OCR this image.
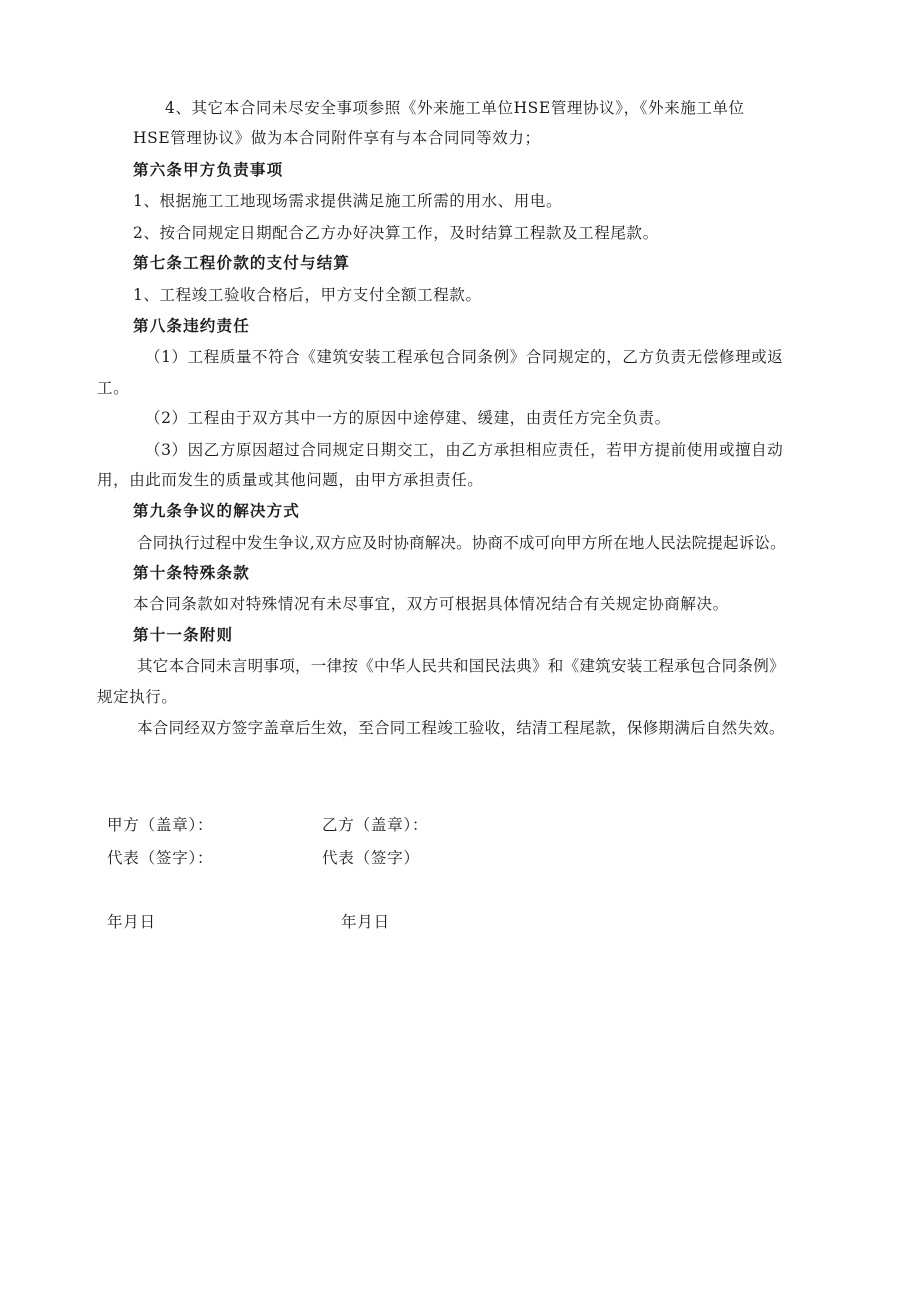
4、其它本合同未尽安全事项参照《外来施工单位HSE管理协议》，《外来施工单位
HSE管理协议》做为本合同附件享有与本合同同等效力；
第六条甲方负责事项
1、根据施工工地现场需求提供满足施工所需的用水、用电。
2、按合同规定日期配合乙方办好决算工作，及时结算工程款及工程尾款。
第七条工程价款的支付与结算
1、工程竣工验收合格后，甲方支付全额工程款。
第八条违约责任
（1）工程质量不符合《建筑安装工程承包合同条例》合同规定的，乙方负责无偿修理或返
工。
（2）工程由于双方其中一方的原因中途停建、缓建，由责任方完全负责。
（3）因乙方原因超过合同规定日期交工，由乙方承担相应责任，若甲方提前使用或擅自动
用，由此而发生的质量或其他问题，由甲方承担责任。
第九条争议的解决方式
合同执行过程中发生争议,双方应及时协商解决。协商不成可向甲方所在地人民法院提起诉讼。
第十条特殊条款
本合同条款如对特殊情况有未尽事宜，双方可根据具体情况结合有关规定协商解决。
第十一条附则
其它本合同未言明事项，一律按《中华人民共和国民法典》和《建筑安装工程承包合同条例》
规定执行。
本合同经双方签字盖章后生效，至合同工程竣工验收，结清工程尾款，保修期满后自然失效。
甲方（盖章）：	乙方（盖章）：
代表（签字）：	代表（签字）
年月日	年月日
